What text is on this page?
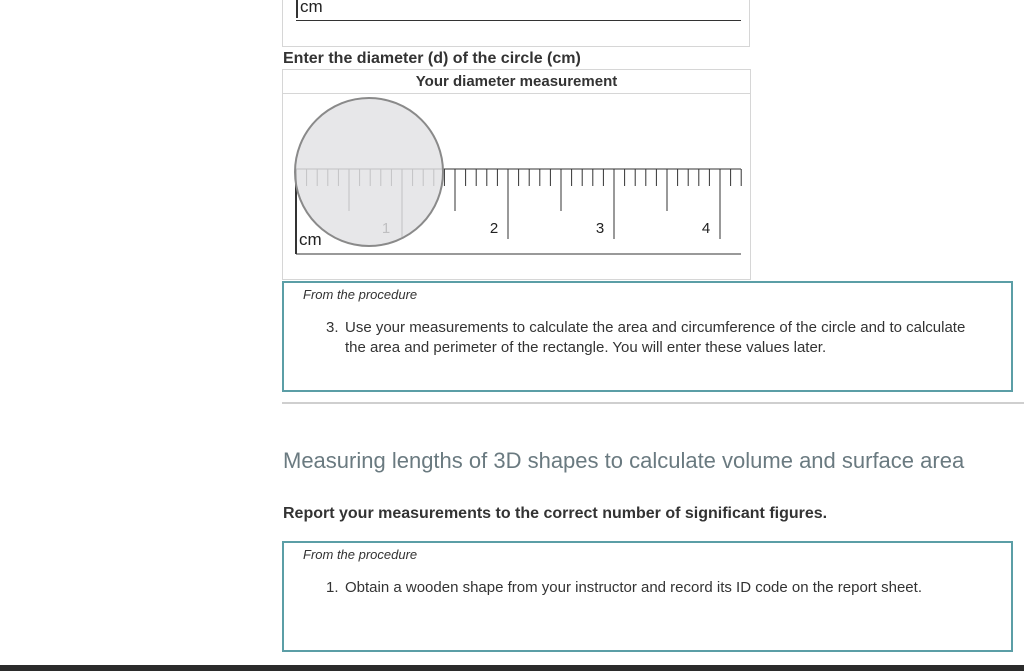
cm
Enter the diameter (d) of the circle (cm)
Your diameter measurement
2	3	4
cm
From the procedure
3. Use your measurements to calculate the area and circumference of the circle and to calculate the area and perimeter of the rectangle. You will enter these values later.
Measuring lengths of 3D shapes to calculate volume and surface area
Report your measurements to the correct number of significant figures.
From the procedure
1. Obtain a wooden shape from your instructor and record its ID code on the report sheet.
